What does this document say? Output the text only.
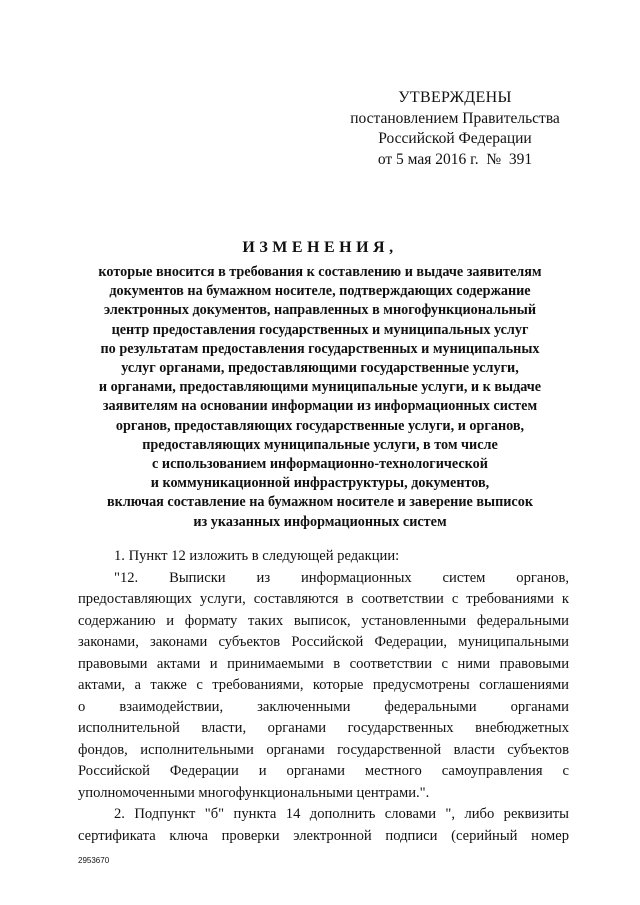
УТВЕРЖДЕНЫ
постановлением Правительства
Российской Федерации
от 5 мая 2016 г.  №  391
ИЗМЕНЕНИЯ,
которые вносится в требования к составлению и выдаче заявителям
документов на бумажном носителе, подтверждающих содержание
электронных документов, направленных в многофункциональный
центр предоставления государственных и муниципальных услуг
по результатам предоставления государственных и муниципальных
услуг органами, предоставляющими государственные услуги,
и органами, предоставляющими муниципальные услуги, и к выдаче
заявителям на основании информации из информационных систем
органов, предоставляющих государственные услуги, и органов,
предоставляющих муниципальные услуги, в том числе
с использованием информационно-технологической
и коммуникационной инфраструктуры, документов,
включая составление на бумажном носителе и заверение выписок
из указанных информационных систем
1. Пункт 12 изложить в следующей редакции:
"12. Выписки из информационных систем органов,
предоставляющих услуги, составляются в соответствии с требованиями к
содержанию и формату таких выписок, установленными федеральными
законами, законами субъектов Российской Федерации, муниципальными
правовыми актами и принимаемыми в соответствии с ними правовыми
актами, а также с требованиями, которые предусмотрены соглашениями
о взаимодействии, заключенными федеральными органами
исполнительной власти, органами государственных внебюджетных
фондов, исполнительными органами государственной власти субъектов
Российской Федерации и органами местного самоуправления с
уполномоченными многофункциональными центрами.".
2. Подпункт "б" пункта 14 дополнить словами ", либо реквизиты
сертификата ключа проверки электронной подписи (серийный номер
2953670
